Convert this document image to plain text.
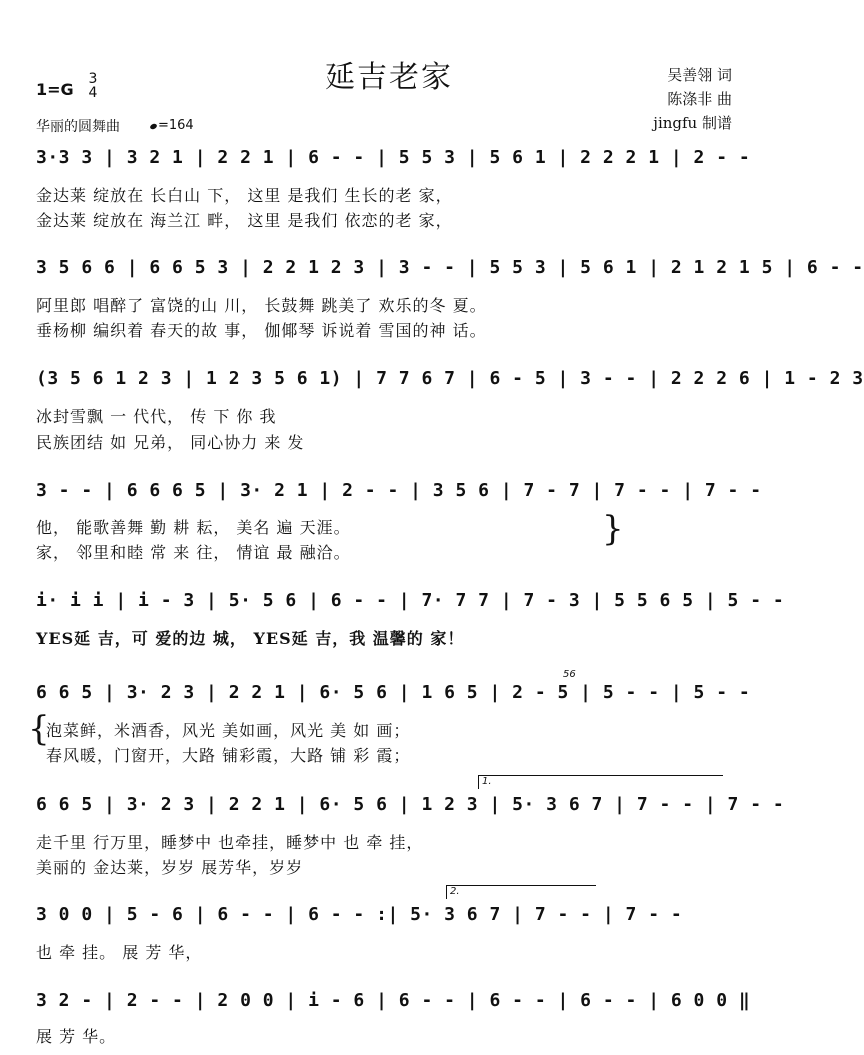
延吉老家	吴善翎 词
陈涤非 曲
jingfu 制谱
1=G
3
4
华丽的圆舞曲	=164
3·3 3 | 3 2 1 | 2 2 1 | 6 - - | 5 5 3 | 5 6 1 | 2 2 2 1 | 2 - -
金达莱 绽放在 长白山 下， 这里 是我们 生长的老 家，
金达莱 绽放在 海兰江 畔， 这里 是我们 依恋的老 家，
3 5 6 6 | 6 6 5 3 | 2 2 1 2 3 | 3 - - | 5 5 3 | 5 6 1 | 2 1 2 1 5 | 6 - -
阿里郎 唱醉了 富饶的山 川， 长鼓舞 跳美了 欢乐的冬 夏。
垂杨柳 编织着 春天的故 事， 伽倻琴 诉说着 雪国的神 话。
(3 5 6 1 2 3 | 1 2 3 5 6 1) | 7 7 6 7 | 6 - 5 | 3 - - | 2 2 2 6 | 1 - 2 3
冰封雪飘 一 代代， 传 下 你 我
民族团结 如 兄弟， 同心协力 来 发
3 - - | 6 6 6 5 | 3· 2 1 | 2 - - | 3 5 6 | 7 - 7 | 7 - - | 7 - -
他， 能歌善舞 勤 耕 耘， 美名 遍 天涯。
家， 邻里和睦 常 来 往， 情谊 最 融洽。
}
i· i i | i - 3 | 5· 5 6 | 6 - - | 7· 7 7 | 7 - 3 | 5 5 6 5 | 5 - -
YES延 吉，可 爱的边 城， YES延 吉，我 温馨的 家！
56
6 6 5 | 3· 2 3 | 2 2 1 | 6· 5 6 | 1 6 5 | 2 - 5 | 5 - - | 5 - -
{
泡菜鲜，米酒香，风光 美如画，风光 美 如 画；
春风暖，门窗开，大路 铺彩霞，大路 铺 彩 霞；
1.
6 6 5 | 3· 2 3 | 2 2 1 | 6· 5 6 | 1 2 3 | 5· 3 6 7 | 7 - - | 7 - -
走千里 行万里，睡梦中 也牵挂，睡梦中 也 牵 挂，
美丽的 金达莱，岁岁 展芳华，岁岁
2.
3 0 0 | 5 - 6 | 6 - - | 6 - - :| 5· 3 6 7 | 7 - - | 7 - -
也 牵 挂。 展 芳 华，
3 2 - | 2 - - | 2 0 0 | i - 6 | 6 - - | 6 - - | 6 - - | 6 0 0 ‖
展 芳 华。
